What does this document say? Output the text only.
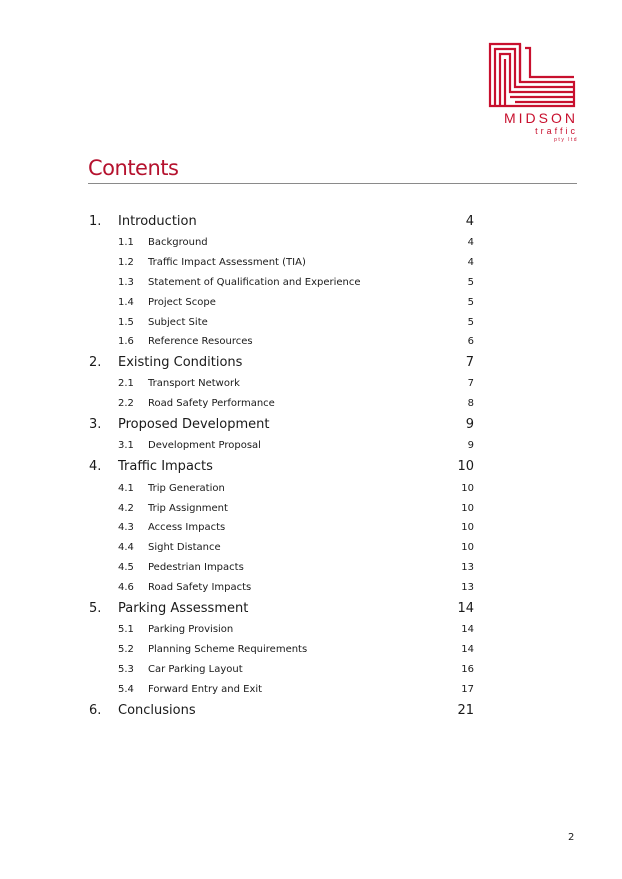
MIDSON
traffic
pty ltd
Contents
1. Introduction	4
1.1 Background	4
1.2 Traffic Impact Assessment (TIA)	4
1.3 Statement of Qualification and Experience	5
1.4 Project Scope	5
1.5 Subject Site	5
1.6 Reference Resources	6
2. Existing Conditions	7
2.1 Transport Network	7
2.2 Road Safety Performance	8
3. Proposed Development	9
3.1 Development Proposal	9
4. Traffic Impacts	10
4.1 Trip Generation	10
4.2 Trip Assignment	10
4.3 Access Impacts	10
4.4 Sight Distance	10
4.5 Pedestrian Impacts	13
4.6 Road Safety Impacts	13
5. Parking Assessment	14
5.1 Parking Provision	14
5.2 Planning Scheme Requirements	14
5.3 Car Parking Layout	16
5.4 Forward Entry and Exit	17
6. Conclusions	21
2
